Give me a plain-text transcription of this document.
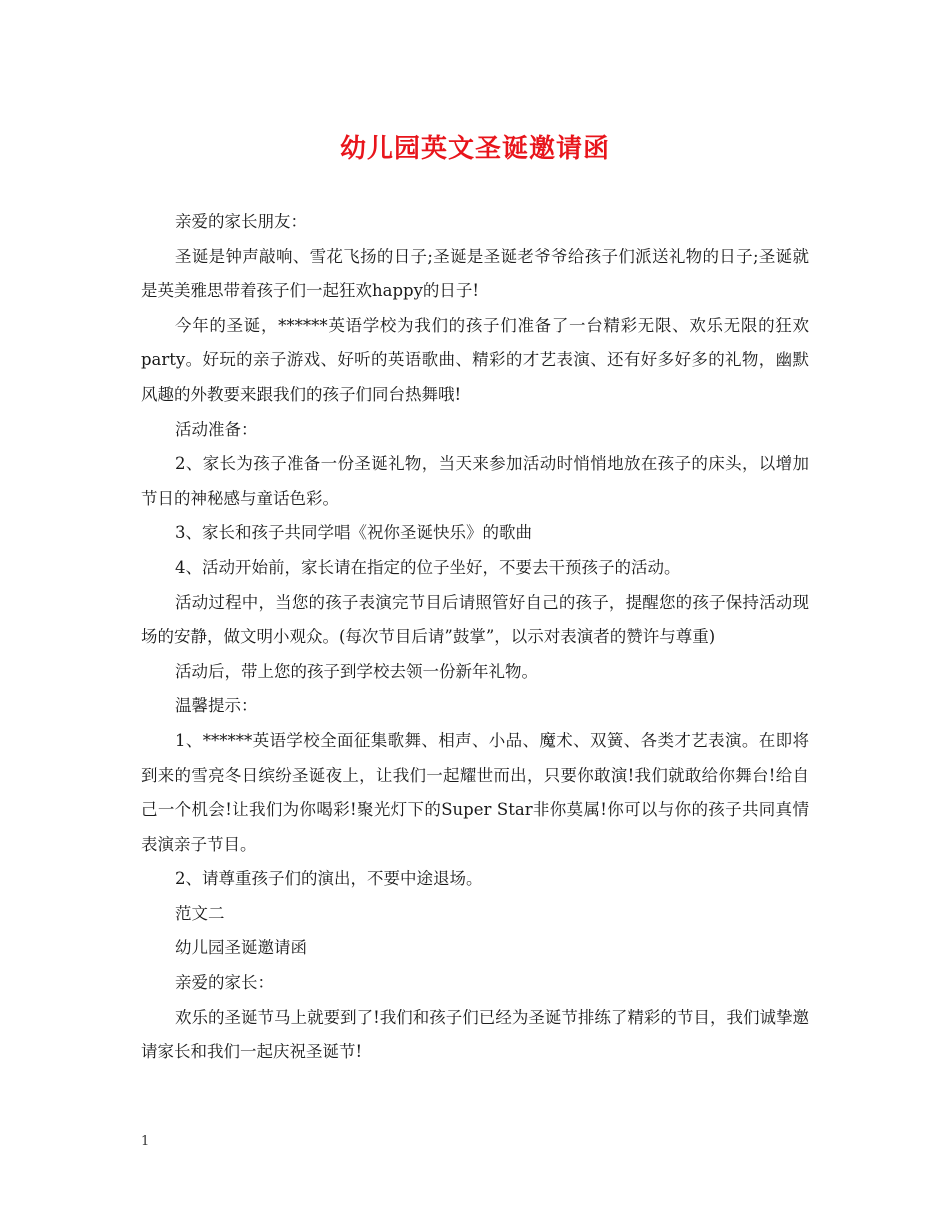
幼儿园英文圣诞邀请函

亲爱的家长朋友：

圣诞是钟声敲响、雪花飞扬的日子;圣诞是圣诞老爷爷给孩子们派送礼物的日子;圣诞就是英美雅思带着孩子们一起狂欢happy的日子!

今年的圣诞，******英语学校为我们的孩子们准备了一台精彩无限、欢乐无限的狂欢party。好玩的亲子游戏、好听的英语歌曲、精彩的才艺表演、还有好多好多的礼物，幽默风趣的外教要来跟我们的孩子们同台热舞哦!

活动准备：

2、家长为孩子准备一份圣诞礼物，当天来参加活动时悄悄地放在孩子的床头，以增加节日的神秘感与童话色彩。

3、家长和孩子共同学唱《祝你圣诞快乐》的歌曲

4、活动开始前，家长请在指定的位子坐好，不要去干预孩子的活动。

活动过程中，当您的孩子表演完节目后请照管好自己的孩子，提醒您的孩子保持活动现场的安静，做文明小观众。(每次节目后请”鼓掌”，以示对表演者的赞许与尊重)

活动后，带上您的孩子到学校去领一份新年礼物。

温馨提示：

1、******英语学校全面征集歌舞、相声、小品、魔术、双簧、各类才艺表演。在即将到来的雪亮冬日缤纷圣诞夜上，让我们一起耀世而出，只要你敢演!我们就敢给你舞台!给自己一个机会!让我们为你喝彩!聚光灯下的Super Star非你莫属!你可以与你的孩子共同真情表演亲子节目。

2、请尊重孩子们的演出，不要中途退场。

范文二

幼儿园圣诞邀请函

亲爱的家长：

欢乐的圣诞节马上就要到了!我们和孩子们已经为圣诞节排练了精彩的节目，我们诚挚邀请家长和我们一起庆祝圣诞节!

1
